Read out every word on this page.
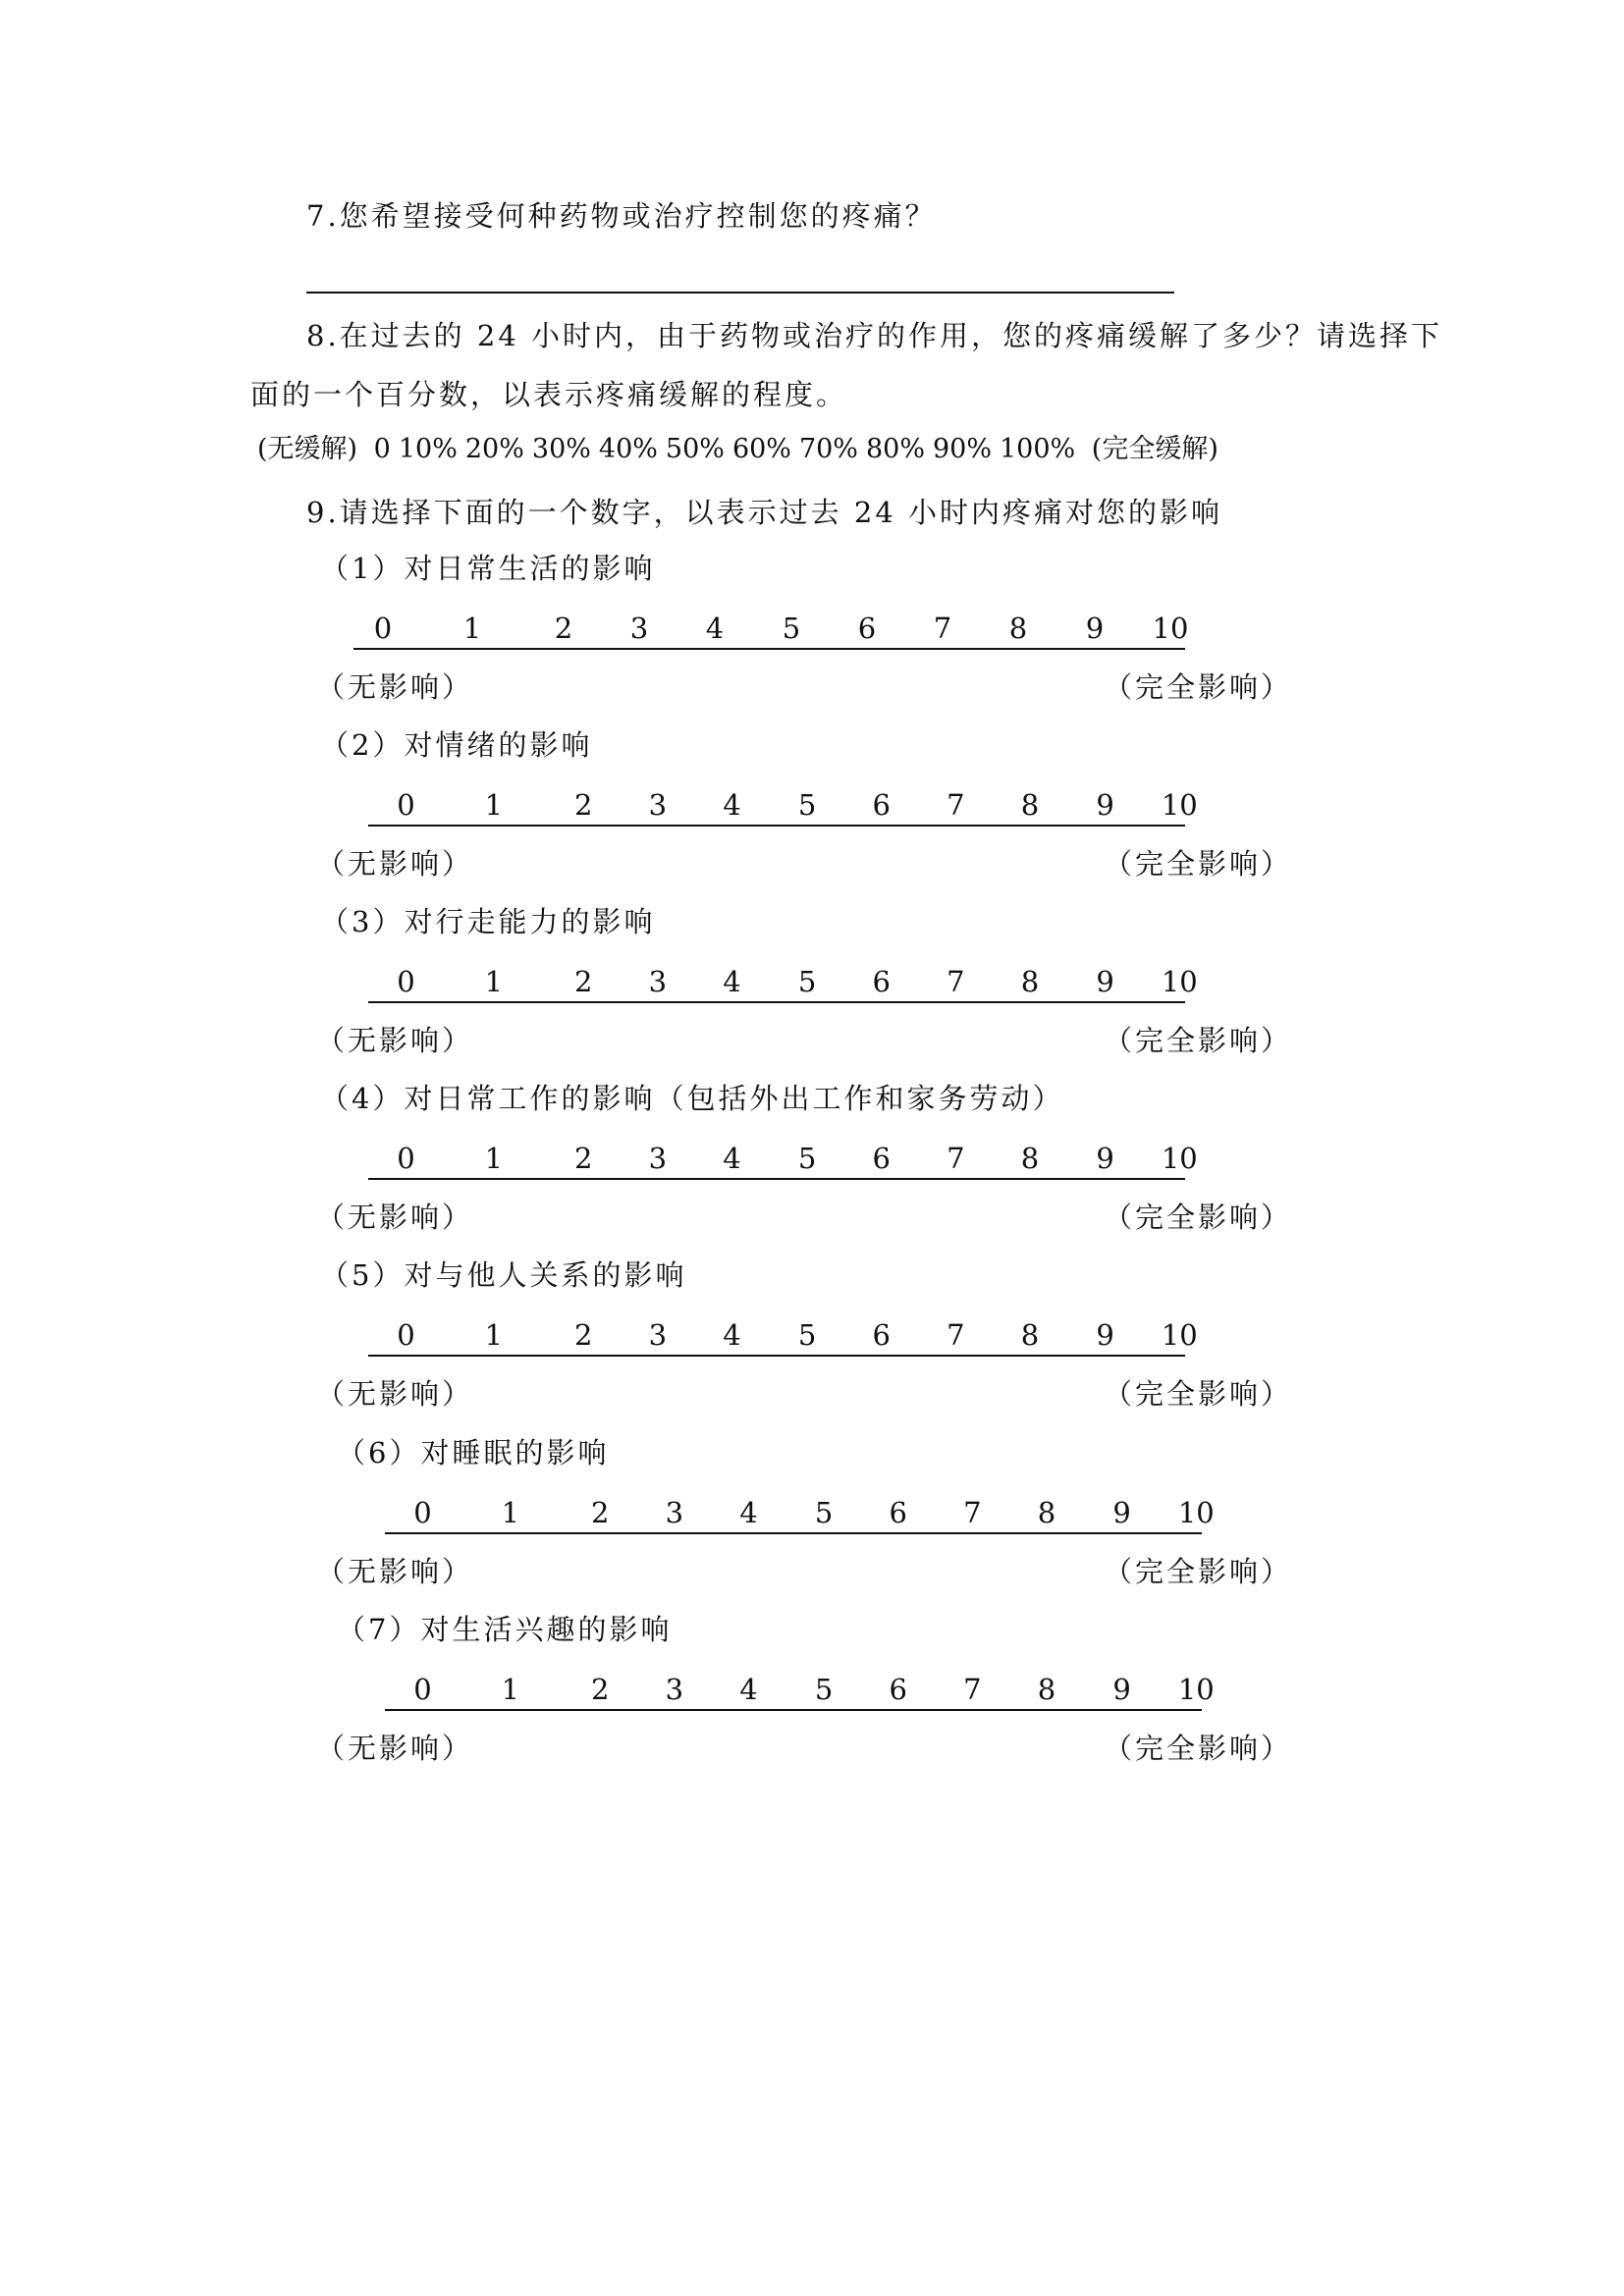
7.您希望接受何种药物或治疗控制您的疼痛？
8.在过去的 24 小时内，由于药物或治疗的作用，您的疼痛缓解了多少？请选择下
面的一个百分数，以表示疼痛缓解的程度。
(无缓解) 0 10% 20% 30% 40% 50% 60% 70% 80% 90% 100% (完全缓解)
9.请选择下面的一个数字，以表示过去 24 小时内疼痛对您的影响
（1）对日常生活的影响
0	1	2 3 4 5 6 7 8 9 10
（无影响）	（完全影响）
（2）对情绪的影响
0 1	2 3 4 5 6 7 8 9 10
（无影响）	（完全影响）
（3）对行走能力的影响
0 1	2 3 4 5 6 7 8 9 10
（无影响）	（完全影响）
（4）对日常工作的影响（包括外出工作和家务劳动）
0 1	2 3 4 5 6 7 8 9 10
（无影响）	（完全影响）
（5）对与他人关系的影响
0 1	2 3 4 5 6 7 8 9 10
（无影响）	（完全影响）
（6）对睡眠的影响
0 1	2 3 4 5 6 7 8 9 10
（无影响）	（完全影响）
（7）对生活兴趣的影响
0 1	2 3 4 5 6 7 8 9 10
（无影响）	（完全影响）
